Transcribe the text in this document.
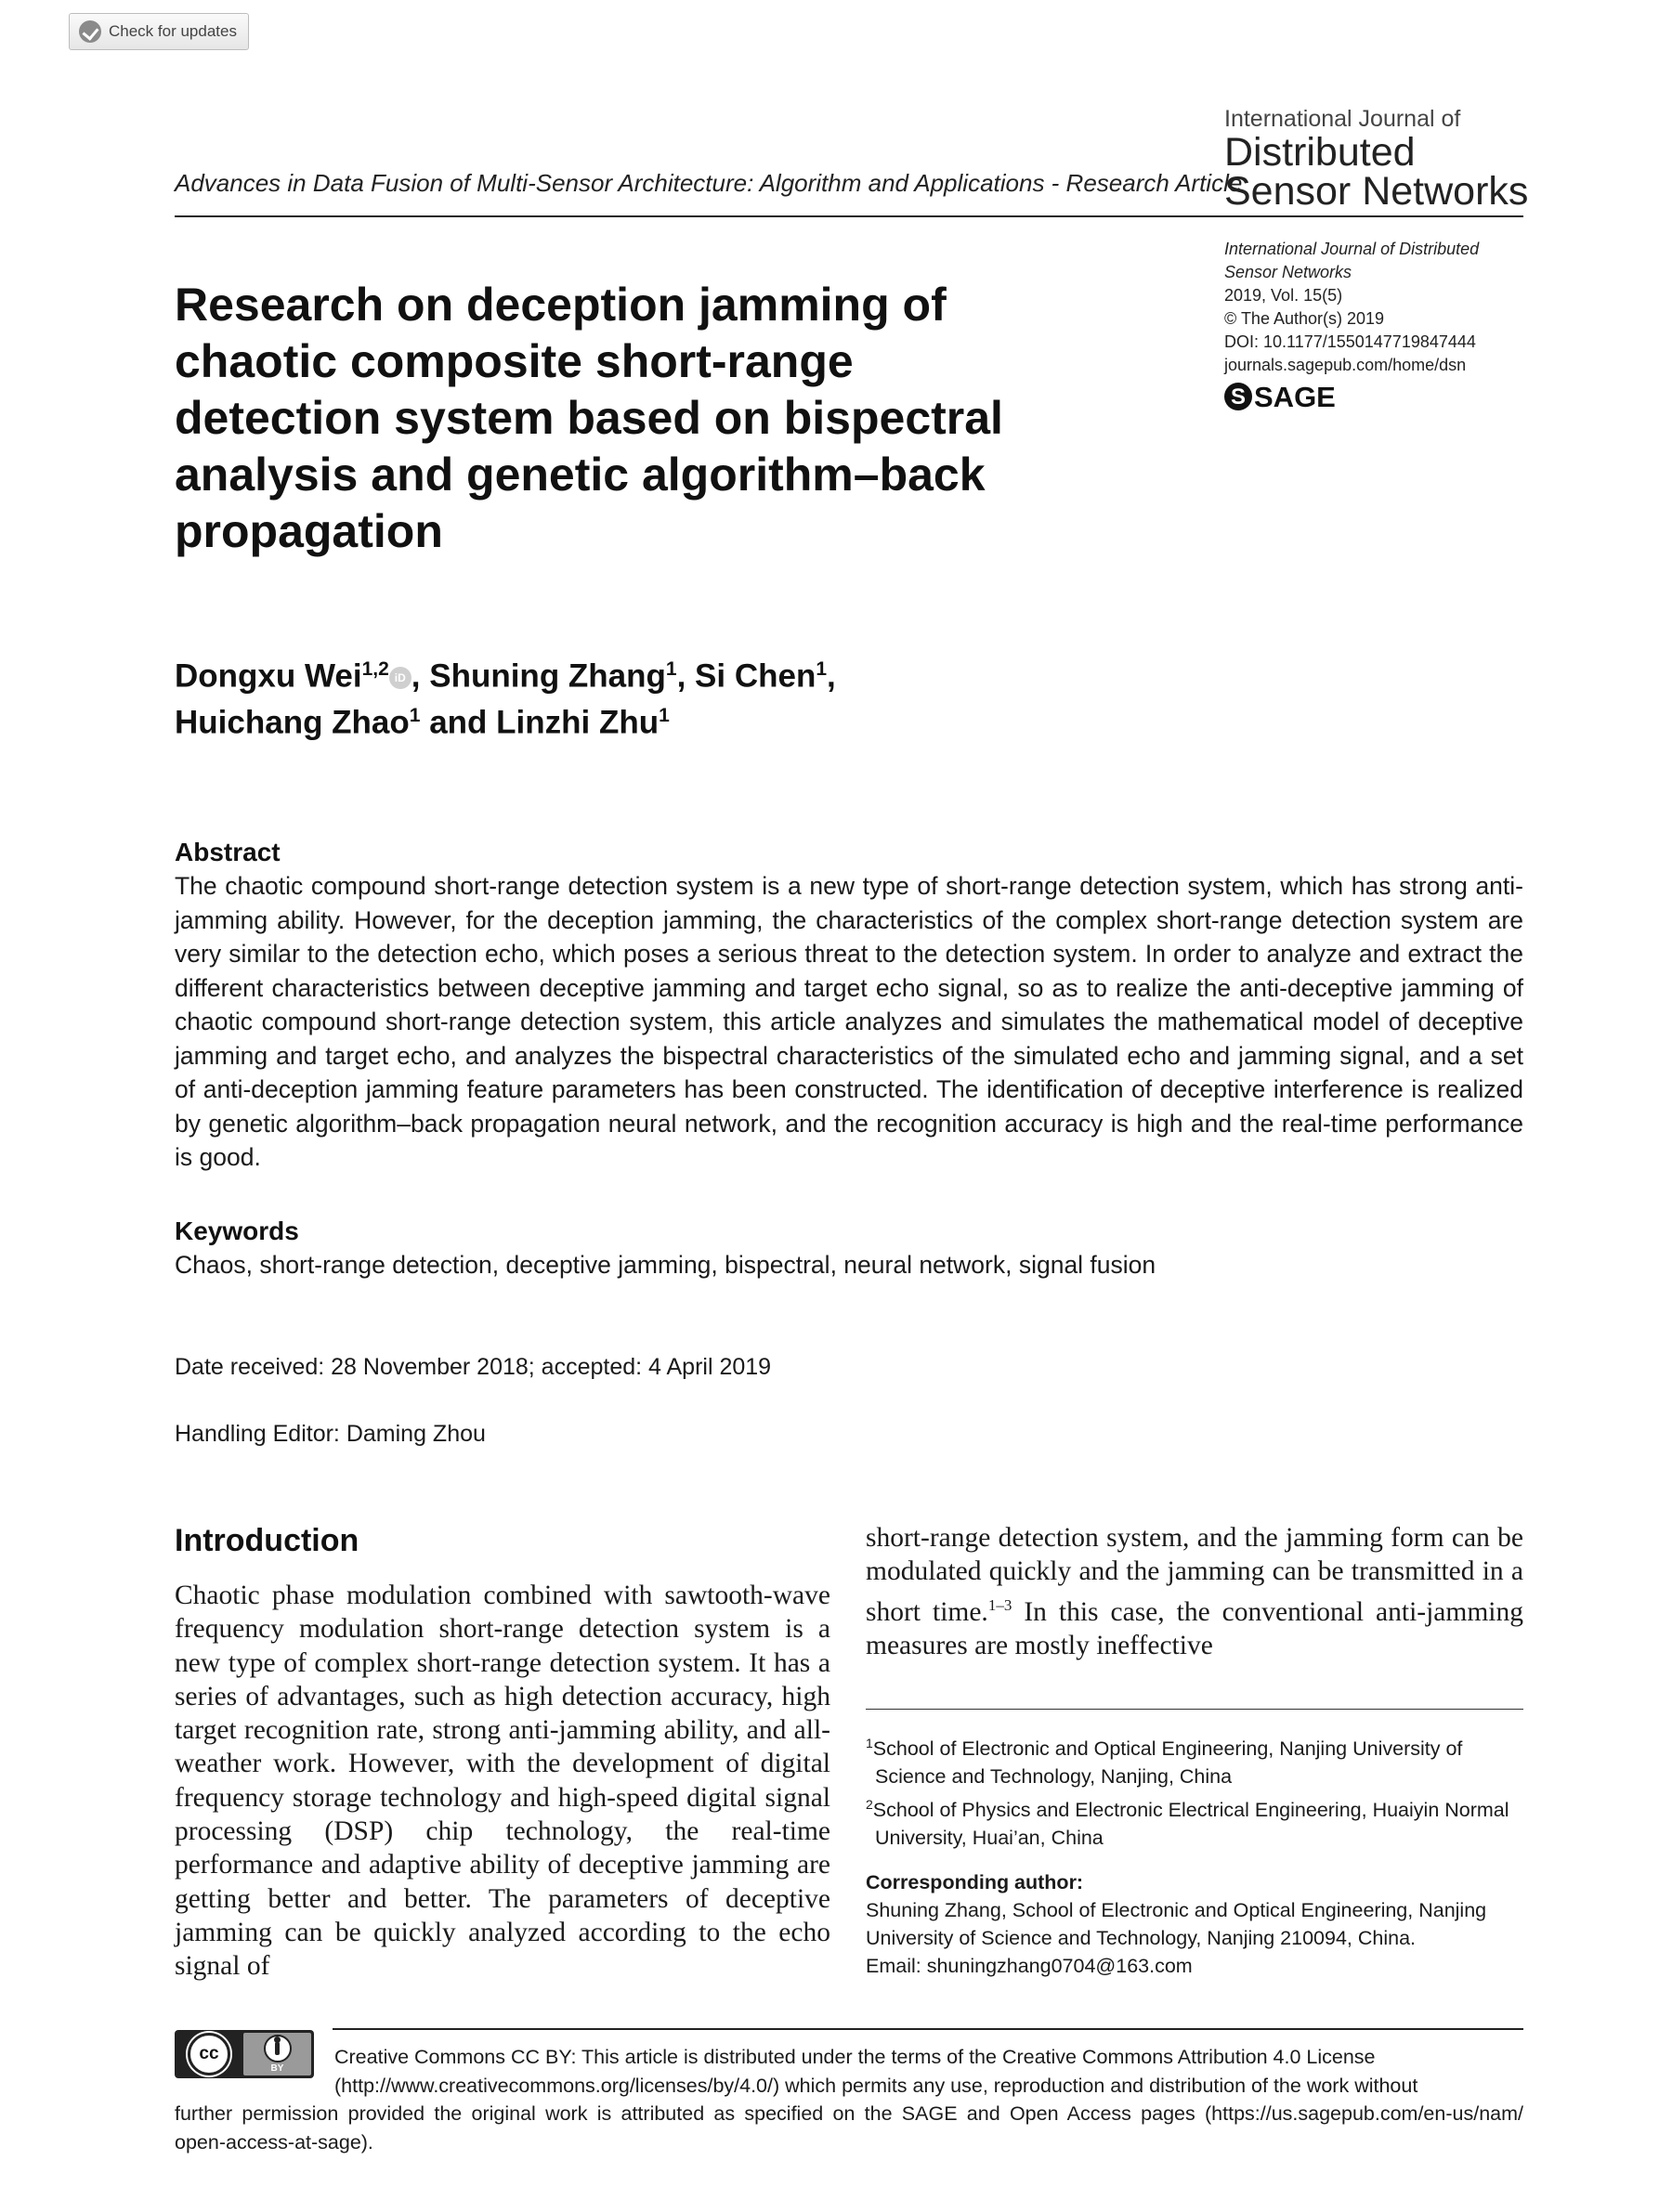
Check for updates
Advances in Data Fusion of Multi-Sensor Architecture: Algorithm and Applications - Research Article
International Journal of
Distributed
Sensor Networks
International Journal of Distributed
Sensor Networks
2019, Vol. 15(5)
© The Author(s) 2019
DOI: 10.1177/1550147719847444
journals.sagepub.com/home/dsn
S SAGE
Research on deception jamming of
chaotic composite short-range
detection system based on bispectral
analysis and genetic algorithm–back
propagation
Dongxu Wei$^{1,2}$ iD , Shuning Zhang$^1$, Si Chen$^1$,
Huichang Zhao$^1$ and Linzhi Zhu$^1$
Abstract
The chaotic compound short-range detection system is a new type of short-range detection system, which has strong anti-jamming ability. However, for the deception jamming, the characteristics of the complex short-range detection system are very similar to the detection echo, which poses a serious threat to the detection system. In order to analyze and extract the different characteristics between deceptive jamming and target echo signal, so as to realize the anti-deceptive jamming of chaotic compound short-range detection system, this article analyzes and simulates the mathematical model of deceptive jamming and target echo, and analyzes the bispectral characteristics of the simulated echo and jamming signal, and a set of anti-deception jamming feature parameters has been constructed. The identification of deceptive interference is realized by genetic algorithm–back propagation neural network, and the recognition accuracy is high and the real-time performance is good.
Keywords
Chaos, short-range detection, deceptive jamming, bispectral, neural network, signal fusion
Date received: 28 November 2018; accepted: 4 April 2019
Handling Editor: Daming Zhou
Introduction
Chaotic phase modulation combined with sawtooth-wave frequency modulation short-range detection system is a new type of complex short-range detection system. It has a series of advantages, such as high detection accuracy, high target recognition rate, strong anti-jamming ability, and all-weather work. However, with the development of digital frequency storage technology and high-speed digital signal processing (DSP) chip technology, the real-time performance and adaptive ability of deceptive jamming are getting better and better. The parameters of deceptive jamming can be quickly analyzed according to the echo signal of
short-range detection system, and the jamming form can be modulated quickly and the jamming can be transmitted in a short time.$^{1-3}$ In this case, the conventional anti-jamming measures are mostly ineffective
$^1$School of Electronic and Optical Engineering, Nanjing University of
Science and Technology, Nanjing, China
$^2$School of Physics and Electronic Electrical Engineering, Huaiyin Normal
University, Huai’an, China
Corresponding author:
Shuning Zhang, School of Electronic and Optical Engineering, Nanjing
University of Science and Technology, Nanjing 210094, China.
Email: shuningzhang0704@163.com
cc
BY
Creative Commons CC BY: This article is distributed under the terms of the Creative Commons Attribution 4.0 License
(http://www.creativecommons.org/licenses/by/4.0/) which permits any use, reproduction and distribution of the work without
further permission provided the original work is attributed as specified on the SAGE and Open Access pages (https://us.sagepub.com/en-us/nam/
open-access-at-sage).
